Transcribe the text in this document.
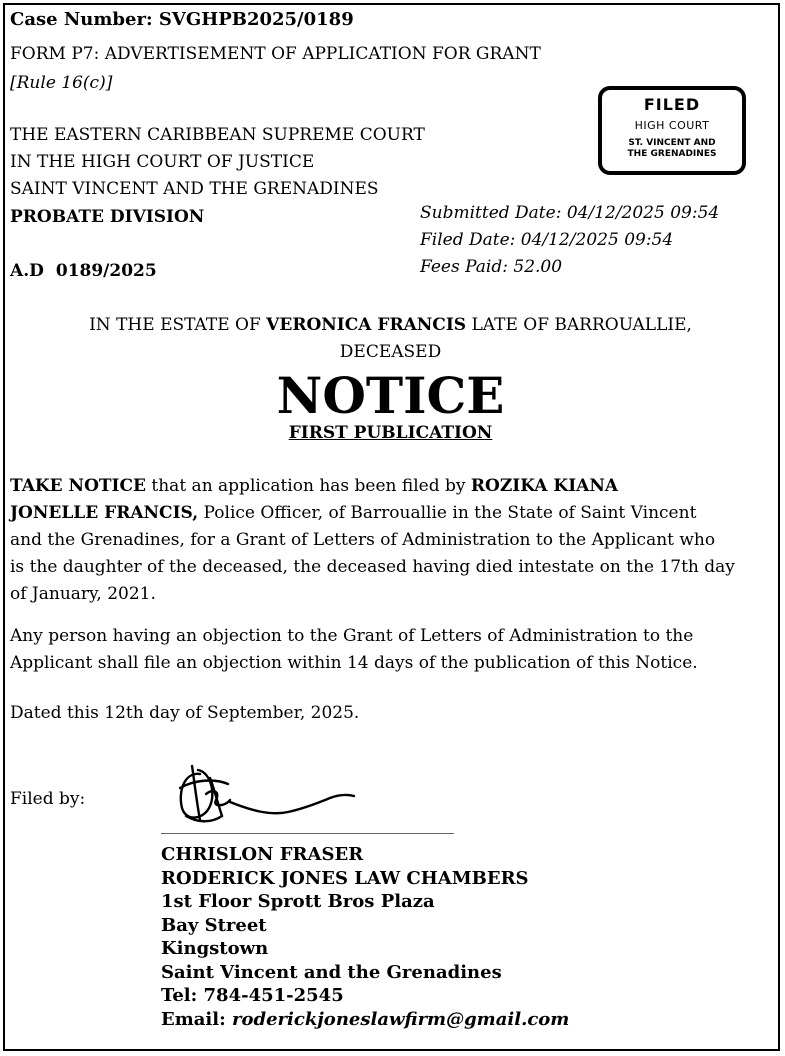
Case Number: SVGHPB2025/0189
FORM P7: ADVERTISEMENT OF APPLICATION FOR GRANT
[Rule 16(c)]
THE EASTERN CARIBBEAN SUPREME COURT
IN THE HIGH COURT OF JUSTICE
SAINT VINCENT AND THE GRENADINES
PROBATE DIVISION
A.D 0189/2025
FILED
HIGH COURT
ST. VINCENT AND
THE GRENADINES
Submitted Date: 04/12/2025 09:54
Filed Date: 04/12/2025 09:54
Fees Paid: 52.00
IN THE ESTATE OF VERONICA FRANCIS LATE OF BARROUALLIE,
DECEASED
NOTICE
FIRST PUBLICATION
TAKE NOTICE that an application has been filed by ROZIKA KIANA
JONELLE FRANCIS, Police Officer, of Barrouallie in the State of Saint Vincent
and the Grenadines, for a Grant of Letters of Administration to the Applicant who
is the daughter of the deceased, the deceased having died intestate on the 17th day
of January, 2021.
Any person having an objection to the Grant of Letters of Administration to the
Applicant shall file an objection within 14 days of the publication of this Notice.
Dated this 12th day of September, 2025.
Filed by:
CHRISLON FRASER
RODERICK JONES LAW CHAMBERS
1st Floor Sprott Bros Plaza
Bay Street
Kingstown
Saint Vincent and the Grenadines
Tel: 784-451-2545
Email: roderickjoneslawfirm@gmail.com
